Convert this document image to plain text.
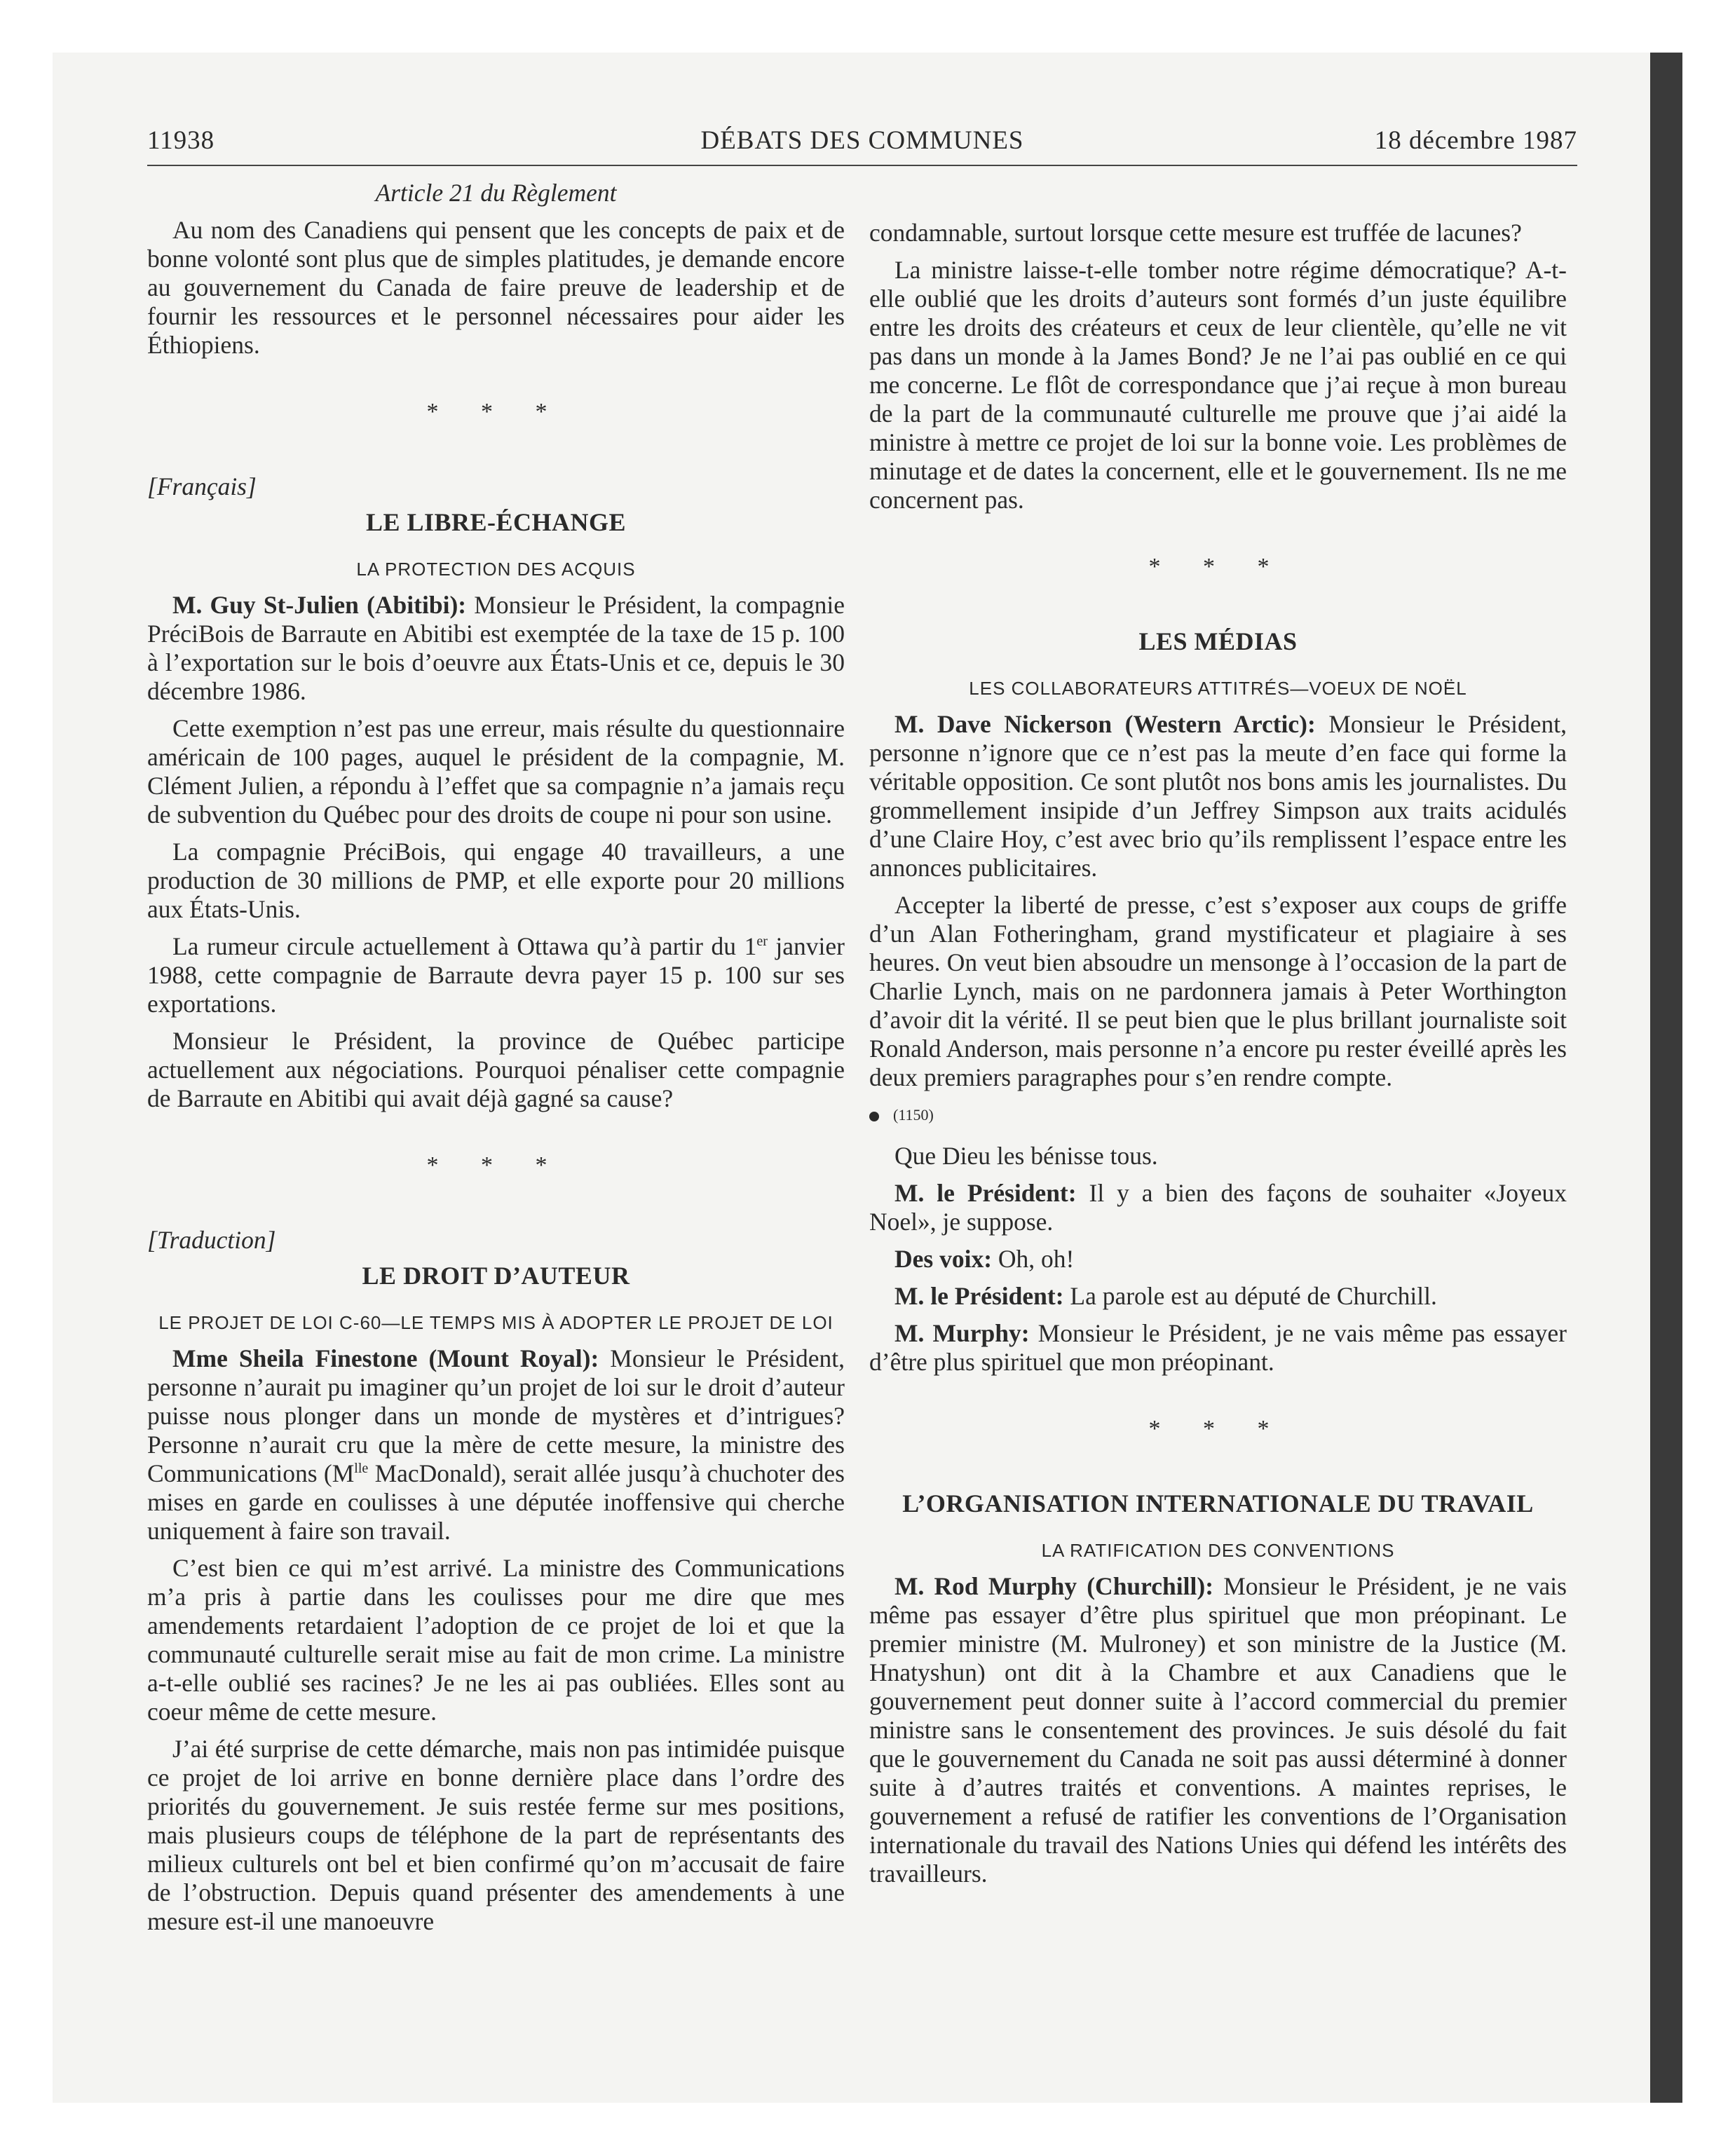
11938	DÉBATS DES COMMUNES	18 décembre 1987
Article 21 du Règlement

Au nom des Canadiens qui pensent que les concepts de paix et de bonne volonté sont plus que de simples platitudes, je demande encore au gouvernement du Canada de faire preuve de leadership et de fournir les ressources et le personnel nécessaires pour aider les Éthiopiens.

* * *
[Français]
LE LIBRE-ÉCHANGE
LA PROTECTION DES ACQUIS

M. Guy St-Julien (Abitibi): Monsieur le Président, la compagnie PréciBois de Barraute en Abitibi est exemptée de la taxe de 15 p. 100 à l’exportation sur le bois d’oeuvre aux États-Unis et ce, depuis le 30 décembre 1986.

Cette exemption n’est pas une erreur, mais résulte du questionnaire américain de 100 pages, auquel le président de la compagnie, M. Clément Julien, a répondu à l’effet que sa compagnie n’a jamais reçu de subvention du Québec pour des droits de coupe ni pour son usine.

La compagnie PréciBois, qui engage 40 travailleurs, a une production de 30 millions de PMP, et elle exporte pour 20 millions aux États-Unis.

La rumeur circule actuellement à Ottawa qu’à partir du 1er janvier 1988, cette compagnie de Barraute devra payer 15 p. 100 sur ses exportations.

Monsieur le Président, la province de Québec participe actuellement aux négociations. Pourquoi pénaliser cette compagnie de Barraute en Abitibi qui avait déjà gagné sa cause?

* * *
[Traduction]
LE DROIT D’AUTEUR
LE PROJET DE LOI C-60—LE TEMPS MIS À ADOPTER LE PROJET DE LOI

Mme Sheila Finestone (Mount Royal): Monsieur le Président, personne n’aurait pu imaginer qu’un projet de loi sur le droit d’auteur puisse nous plonger dans un monde de mystères et d’intrigues? Personne n’aurait cru que la mère de cette mesure, la ministre des Communications ($M^{lle}$ MacDonald), serait allée jusqu’à chuchoter des mises en garde en coulisses à une députée inoffensive qui cherche uniquement à faire son travail.

C’est bien ce qui m’est arrivé. La ministre des Communications m’a pris à partie dans les coulisses pour me dire que mes amendements retardaient l’adoption de ce projet de loi et que la communauté culturelle serait mise au fait de mon crime. La ministre a-t-elle oublié ses racines? Je ne les ai pas oubliées. Elles sont au coeur même de cette mesure.

J’ai été surprise de cette démarche, mais non pas intimidée puisque ce projet de loi arrive en bonne dernière place dans l’ordre des priorités du gouvernement. Je suis restée ferme sur mes positions, mais plusieurs coups de téléphone de la part de représentants des milieux culturels ont bel et bien confirmé qu’on m’accusait de faire de l’obstruction. Depuis quand présenter des amendements à une mesure est-il une manoeuvre

condamnable, surtout lorsque cette mesure est truffée de lacunes?

La ministre laisse-t-elle tomber notre régime démocratique? A-t-elle oublié que les droits d’auteurs sont formés d’un juste équilibre entre les droits des créateurs et ceux de leur clientèle, qu’elle ne vit pas dans un monde à la James Bond? Je ne l’ai pas oublié en ce qui me concerne. Le flôt de correspondance que j’ai reçue à mon bureau de la part de la communauté culturelle me prouve que j’ai aidé la ministre à mettre ce projet de loi sur la bonne voie. Les problèmes de minutage et de dates la concernent, elle et le gouvernement. Ils ne me concernent pas.

* * *
LES MÉDIAS
LES COLLABORATEURS ATTITRÉS—VOEUX DE NOËL

M. Dave Nickerson (Western Arctic): Monsieur le Président, personne n’ignore que ce n’est pas la meute d’en face qui forme la véritable opposition. Ce sont plutôt nos bons amis les journalistes. Du grommellement insipide d’un Jeffrey Simpson aux traits acidulés d’une Claire Hoy, c’est avec brio qu’ils remplissent l’espace entre les annonces publicitaires.

Accepter la liberté de presse, c’est s’exposer aux coups de griffe d’un Alan Fotheringham, grand mystificateur et plagiaire à ses heures. On veut bien absoudre un mensonge à l’occasion de la part de Charlie Lynch, mais on ne pardonnera jamais à Peter Worthington d’avoir dit la vérité. Il se peut bien que le plus brillant journaliste soit Ronald Anderson, mais personne n’a encore pu rester éveillé après les deux premiers paragraphes pour s’en rendre compte.

(1150)

Que Dieu les bénisse tous.

M. le Président: Il y a bien des façons de souhaiter «Joyeux Noel», je suppose.

Des voix: Oh, oh!

M. le Président: La parole est au député de Churchill.

M. Murphy: Monsieur le Président, je ne vais même pas essayer d’être plus spirituel que mon préopinant.

* * *
L’ORGANISATION INTERNATIONALE DU TRAVAIL
LA RATIFICATION DES CONVENTIONS

M. Rod Murphy (Churchill): Monsieur le Président, je ne vais même pas essayer d’être plus spirituel que mon préopinant. Le premier ministre (M. Mulroney) et son ministre de la Justice (M. Hnatyshun) ont dit à la Chambre et aux Canadiens que le gouvernement peut donner suite à l’accord commercial du premier ministre sans le consentement des provinces. Je suis désolé du fait que le gouvernement du Canada ne soit pas aussi déterminé à donner suite à d’autres traités et conventions. A maintes reprises, le gouvernement a refusé de ratifier les conventions de l’Organisation internationale du travail des Nations Unies qui défend les intérêts des travailleurs.
